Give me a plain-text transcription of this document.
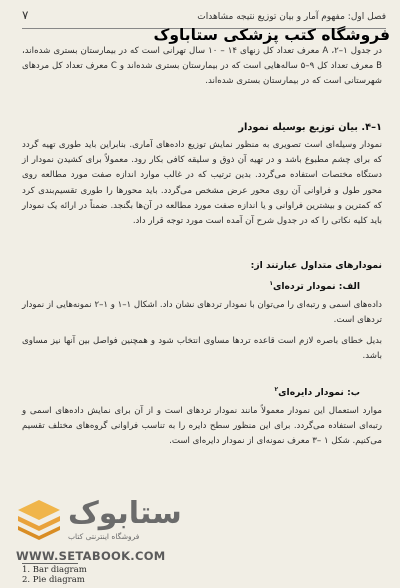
فصل اول: مفهوم آمار و بیان توزیع نتیجه مشاهدات
۷
فروشگاه کتب پزشکی ستاباوک
در جدول ۱–۲، A معرف تعداد کل زنهای ۱۴ – ۱۰ سال تهرانی است که در بیمارستان بستری شده‌اند، B معرف تعداد کل ۹–۵ ساله‌هایی است که در بیمارستان بستری شده‌اند و C معرف تعداد کل مردهای شهرستانی است که در بیمارستان بستری شده‌اند.
۱–۴. بیان توزیع بوسیله نمودار
نمودار وسیله‌ای است تصویری به منظور نمایش توزیع داده‌های آماری. بنابراین باید طوری تهیه گردد که برای چشم مطبوع باشد و در تهیه آن ذوق و سلیقه کافی بکار رود. معمولاً برای کشیدن نمودار از دستگاه مختصات استفاده می‌گردد. بدین ترتیب که در غالب موارد اندازه صفت مورد مطالعه روی محور طول و فراوانی آن روی محور عرض مشخص می‌گردد. باید محورها را طوری تقسیم‌بندی کرد که کمترین و بیشترین فراوانی و یا اندازه صفت مورد مطالعه در آن‌ها بگنجد. ضمناً در ارائه یک نمودار باید کلیه نکاتی را که در جدول شرح آن آمده است مورد توجه قرار داد.
نمودارهای متداول عبارتند از:
الف: نمودار ترده‌ای$^۱$
داده‌های اسمی و رتبه‌ای را می‌توان با نمودار تردهای نشان داد. اشکال ۱–۱ و ۱–۲ نمونه‌هایی از نمودار تردهای است.
بدیل خطای باصره لازم است قاعده تردها مساوی انتخاب شود و همچنین فواصل بین آنها نیز مساوی باشد.
ب: نمودار دایره‌ای$^۲$
موارد استعمال این نمودار معمولاً مانند نمودار تردهای است و از آن برای نمایش داده‌های اسمی و رتبه‌ای استفاده می‌گردد. برای این منظور سطح دایره را به تناسب فراوانی گروه‌های مختلف تقسیم می‌کنیم. شکل ۱ –۳ معرف نمونه‌ای از نمودار دایره‌ای است.
ستابوک
فروشگاه اینترنتی کتاب
WWW.SETABOOK.COM
1. Bar diagram
2. Pie diagram
